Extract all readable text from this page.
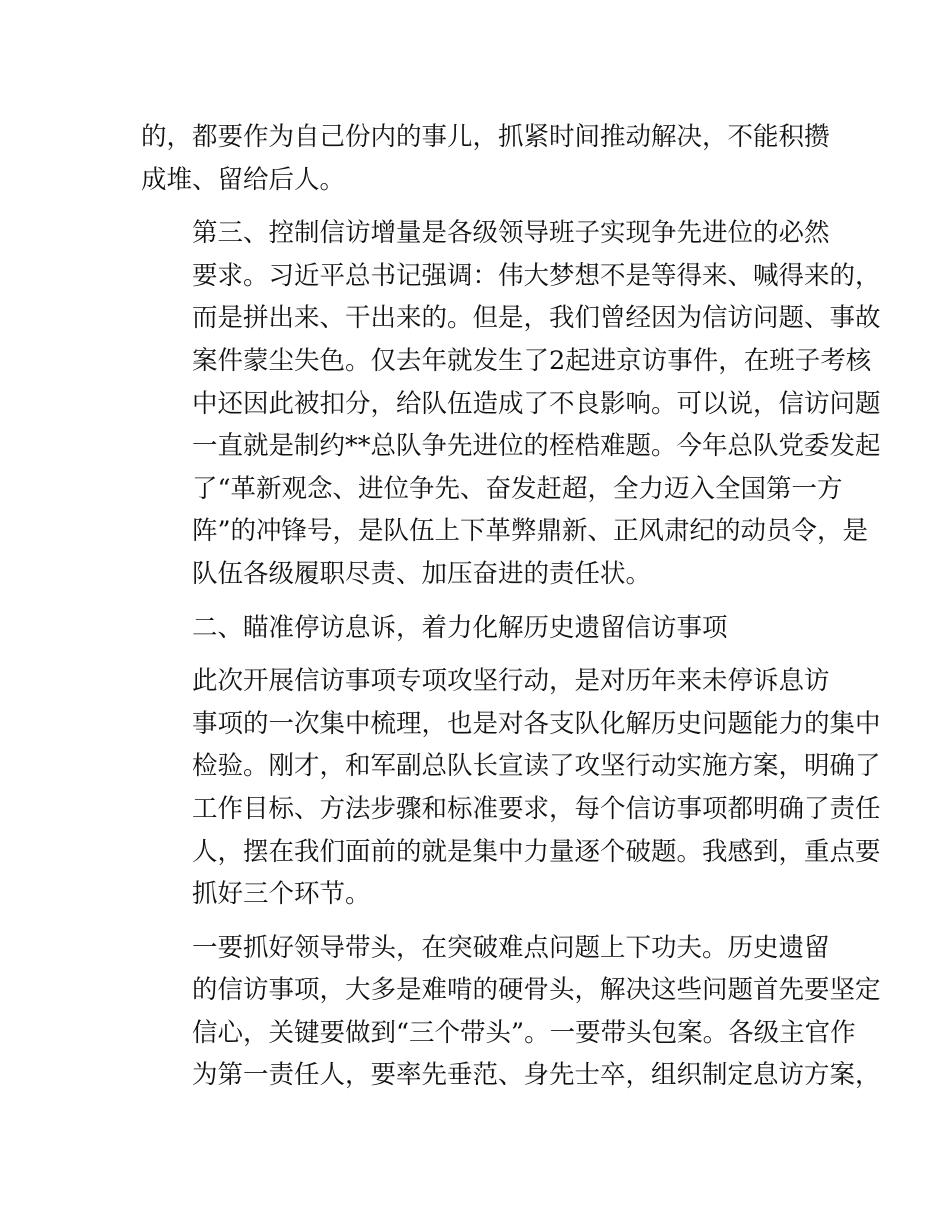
的，都要作为自己份内的事儿，抓紧时间推动解决，不能积攒
成堆、留给后人。
第三、控制信访增量是各级领导班子实现争先进位的必然
要求。习近平总书记强调：伟大梦想不是等得来、喊得来的，
而是拼出来、干出来的。但是，我们曾经因为信访问题、事故
案件蒙尘失色。仅去年就发生了2起进京访事件，在班子考核
中还因此被扣分，给队伍造成了不良影响。可以说，信访问题
一直就是制约**总队争先进位的桎梏难题。今年总队党委发起
了“革新观念、进位争先、奋发赶超，全力迈入全国第一方
阵”的冲锋号，是队伍上下革弊鼎新、正风肃纪的动员令，是
队伍各级履职尽责、加压奋进的责任状。
二、瞄准停访息诉，着力化解历史遗留信访事项
此次开展信访事项专项攻坚行动，是对历年来未停诉息访
事项的一次集中梳理，也是对各支队化解历史问题能力的集中
检验。刚才，和军副总队长宣读了攻坚行动实施方案，明确了
工作目标、方法步骤和标准要求，每个信访事项都明确了责任
人，摆在我们面前的就是集中力量逐个破题。我感到，重点要
抓好三个环节。
一要抓好领导带头，在突破难点问题上下功夫。历史遗留
的信访事项，大多是难啃的硬骨头，解决这些问题首先要坚定
信心，关键要做到“三个带头”。一要带头包案。各级主官作
为第一责任人，要率先垂范、身先士卒，组织制定息访方案，
